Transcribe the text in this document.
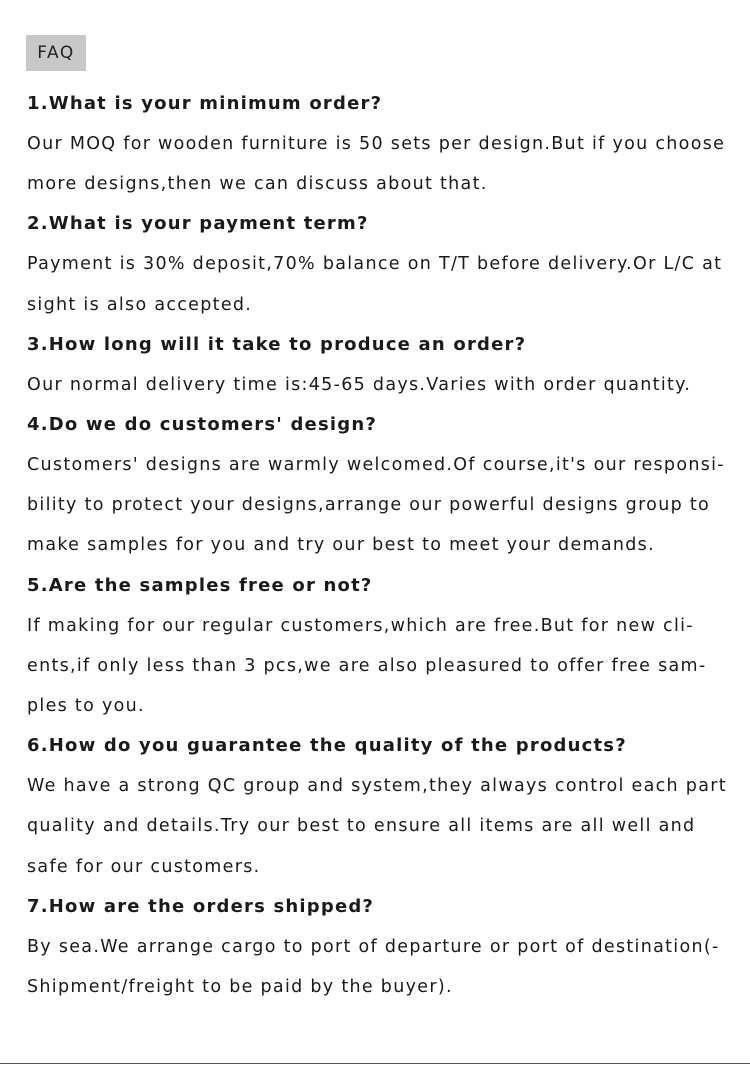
FAQ
1.What is your minimum order?
Our MOQ for wooden furniture is 50 sets per design.But if you choose
more designs,then we can discuss about that.
2.What is your payment term?
Payment is 30% deposit,70% balance on T/T before delivery.Or L/C at
sight is also accepted.
3.How long will it take to produce an order?
Our normal delivery time is:45-65 days.Varies with order quantity.
4.Do we do customers' design?
Customers' designs are warmly welcomed.Of course,it's our responsi-
bility to protect your designs,arrange our powerful designs group to
make samples for you and try our best to meet your demands.
5.Are the samples free or not?
If making for our regular customers,which are free.But for new cli-
ents,if only less than 3 pcs,we are also pleasured to offer free sam-
ples to you.
6.How do you guarantee the quality of the products?
We have a strong QC group and system,they always control each part
quality and details.Try our best to ensure all items are all well and
safe for our customers.
7.How are the orders shipped?
By sea.We arrange cargo to port of departure or port of destination(-
Shipment/freight to be paid by the buyer).
